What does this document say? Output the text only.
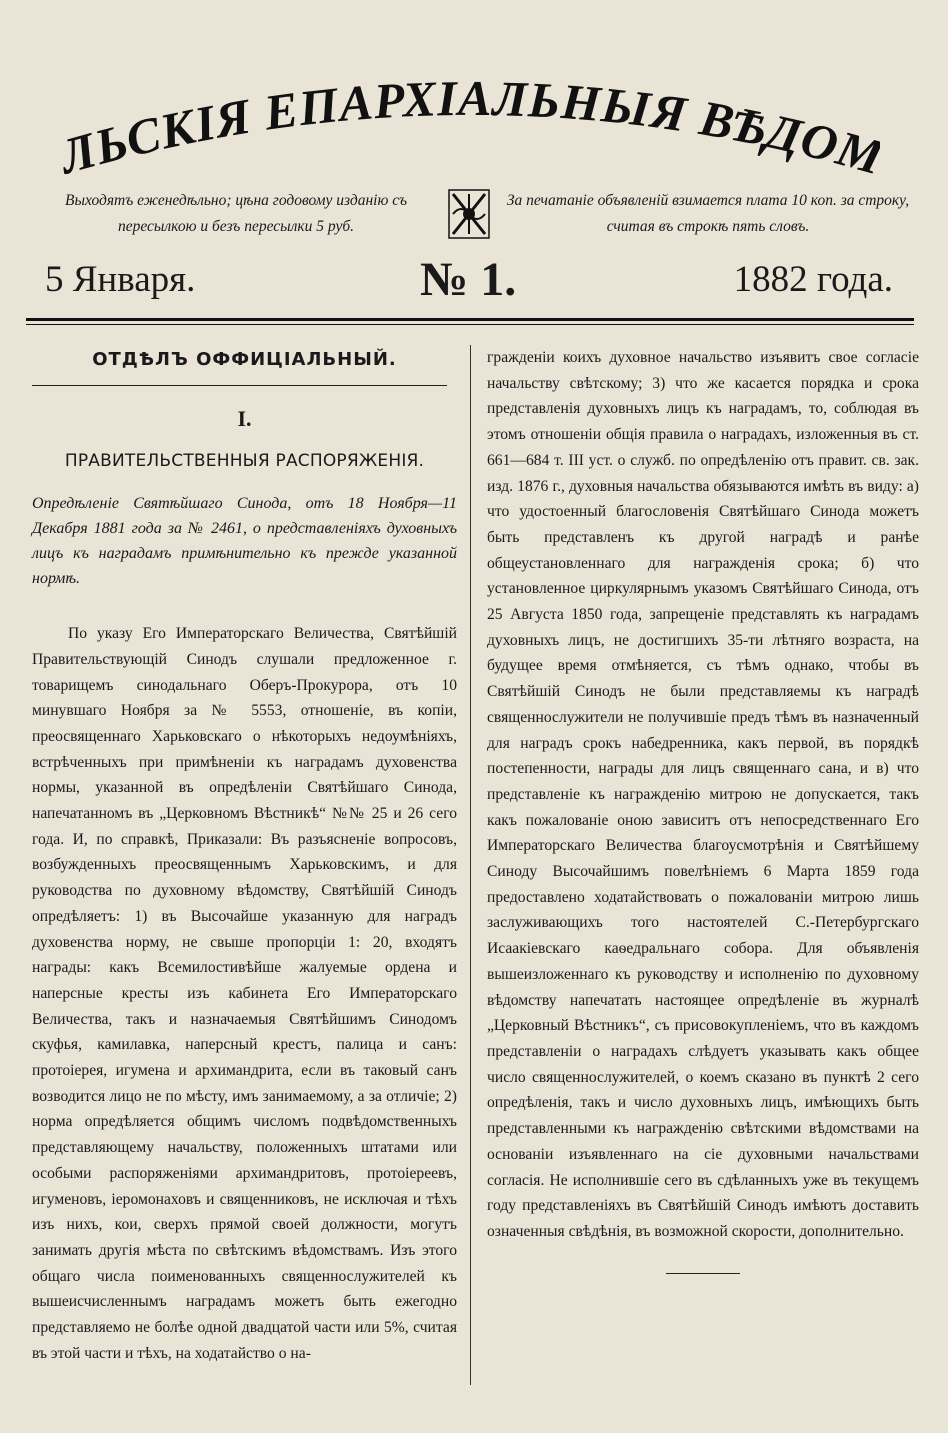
ЬСКІЯ ЕПАРХІАЛЬНЫЯ ВѢДО
Выходятъ еженедѣльно; цѣна годовому изданію съ пересылкою и безъ пересылки 5 руб.
За печатаніе объявленій взимается плата 10 коп. за строку, считая въ строкѣ пять словъ.
5 Января.	№ 1.	1882 года.
ОТДѢЛЪ ОФФИЦІАЛЬНЫЙ.
I.
ПРАВИТЕЛЬСТВЕННЫЯ РАСПОРЯЖЕНІЯ.
Опредѣленіе Святѣйшаго Синода, отъ 18 Ноября—11 Декабря 1881 года за № 2461, о представленіяхъ духовныхъ лицъ къ наградамъ примѣнительно къ прежде указанной нормѣ.

По указу Его Императорскаго Величества, Святѣйшій Правительствующій Синодъ слушали предложенное г. товарищемъ синодальнаго Оберъ-Прокурора, отъ 10 минувшаго Ноября за № 5553, отношеніе, въ копіи, преосвященнаго Харьковскаго о нѣкоторыхъ недоумѣніяхъ, встрѣченныхъ при примѣненіи къ наградамъ духовенства нормы, указанной въ опредѣленіи Святѣйшаго Синода, напечатанномъ въ „Церковномъ Вѣстникѣ“ №№ 25 и 26 сего года. И, по справкѣ, Приказали: Въ разъясненіе вопросовъ, возбужденныхъ преосвященнымъ Харьковскимъ, и для руководства по духовному вѣдомству, Святѣйшій Синодъ опредѣляетъ: 1) въ Высочайше указанную для наградъ духовенства норму, не свыше пропорціи 1: 20, входятъ награды: какъ Всемилостивѣйше жалуемые ордена и наперсные кресты изъ кабинета Его Императорскаго Величества, такъ и назначаемыя Святѣйшимъ Синодомъ скуфья, камилавка, наперсный крестъ, палица и санъ: протоіерея, игумена и архимандрита, если въ таковый санъ возводится лицо не по мѣсту, имъ занимаемому, а за отличіе; 2) норма опредѣляется общимъ числомъ подвѣдомственныхъ представляющему начальству, положенныхъ штатами или особыми распоряженіями архимандритовъ, протоіереевъ, игуменовъ, іеромонаховъ и священниковъ, не исключая и тѣхъ изъ нихъ, кои, сверхъ прямой своей должности, могутъ занимать другія мѣста по свѣтскимъ вѣдомствамъ. Изъ этого общаго числа поименованныхъ священнослужителей къ вышеисчисленнымъ наградамъ можетъ быть ежегодно представляемо не болѣе одной двадцатой части или 5%, считая въ этой части и тѣхъ, на ходатайство о на-

гражденіи коихъ духовное начальство изъявитъ свое согласіе начальству свѣтскому; 3) что же касается порядка и срока представленія духовныхъ лицъ къ наградамъ, то, соблюдая въ этомъ отношеніи общія правила о наградахъ, изложенныя въ ст. 661—684 т. III уст. о служб. по опредѣленію отъ правит. св. зак. изд. 1876 г., духовныя начальства обязываются имѣть въ виду: а) что удостоенный благословенія Святѣйшаго Синода можетъ быть представленъ къ другой наградѣ и ранѣе общеустановленнаго для награжденія срока; б) что установленное циркулярнымъ указомъ Святѣйшаго Синода, отъ 25 Августа 1850 года, запрещеніе представлять къ наградамъ духовныхъ лицъ, не достигшихъ 35-ти лѣтняго возраста, на будущее время отмѣняется, съ тѣмъ однако, чтобы въ Святѣйшій Синодъ не были представляемы къ наградѣ священнослужители не получившіе предъ тѣмъ въ назначенный для наградъ срокъ набедренника, какъ первой, въ порядкѣ постепенности, награды для лицъ священнаго сана, и в) что представленіе къ награжденію митрою не допускается, такъ какъ пожалованіе оною зависитъ отъ непосредственнаго Его Императорскаго Величества благоусмотрѣнія и Святѣйшему Синоду Высочайшимъ повелѣніемъ 6 Марта 1859 года предоставлено ходатайствовать о пожалованіи митрою лишь заслуживающихъ того настоятелей С.-Петербургскаго Исаакіевскаго каѳедральнаго собора. Для объявленія вышеизложеннаго къ руководству и исполненію по духовному вѣдомству напечатать настоящее опредѣленіе въ журналѣ „Церковный Вѣстникъ“, съ присовокупленіемъ, что въ каждомъ представленіи о наградахъ слѣдуетъ указывать какъ общее число священнослужителей, о коемъ сказано въ пунктѣ 2 сего опредѣленія, такъ и число духовныхъ лицъ, имѣющихъ быть представленными къ награжденію свѣтскими вѣдомствами на основаніи изъявленнаго на сіе духовными начальствами согласія. Не исполнившіе сего въ сдѣланныхъ уже въ текущемъ году представленіяхъ въ Святѣйшій Синодъ имѣютъ доставить означенныя свѣдѣнія, въ возможной скорости, дополнительно.
